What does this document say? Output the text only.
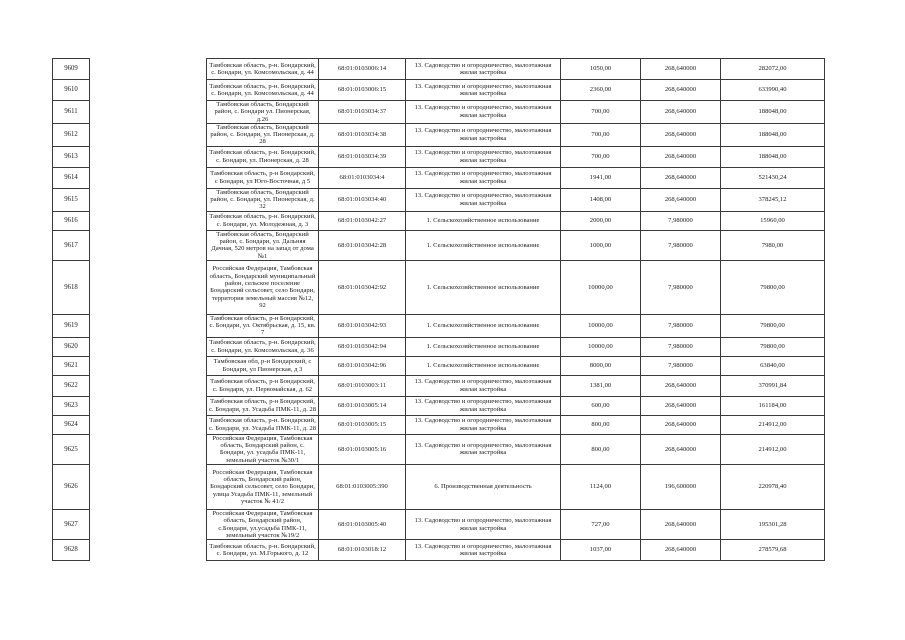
9609		Тамбовская область, р-н. Бондарский, с. Бондари, ул. Комсомольская, д. 44	68:01:0103006:14	13. Садоводство и огородничество, малоэтажная жилая застройка	1050,00	268,640000	282072,00
9610		Тамбовская область, р-н. Бондарский, с. Бондари, ул. Комсомольская, д. 44	68:01:0103006:15	13. Садоводство и огородничество, малоэтажная жилая застройка	2360,00	268,640000	633990,40
9611		Тамбовская область, Бондарский район, с. Бондари ул. Пионерская, д.26	68:01:0103034:37	13. Садоводство и огородничество, малоэтажная жилая застройка	700,00	268,640000	188048,00
9612		Тамбовская область, Бондарский район, с. Бондари, ул. Пионерская, д. 28	68:01:0103034:38	13. Садоводство и огородничество, малоэтажная жилая застройка	700,00	268,640000	188048,00
9613		Тамбовская область, р-н. Бондарский, с. Бондари, ул. Пионерская, д. 28	68:01:0103034:39	13. Садоводство и огородничество, малоэтажная жилая застройка	700,00	268,640000	188048,00
9614		Тамбовская область, р-н Бондарский, с Бондари, ул Юго-Восточная, д 5	68:01:0103034:4	13. Садоводство и огородничество, малоэтажная жилая застройка	1941,00	268,640000	521430,24
9615		Тамбовская область, Бондарский район, с. Бондари, ул. Пионерская, д. 32	68:01:0103034:40	13. Садоводство и огородничество, малоэтажная жилая застройка	1408,00	268,640000	378245,12
9616		Тамбовская область, р-н. Бондарский, с. Бондари, ул. Молодежная, д. 3	68:01:0103042:27	1. Сельскохозяйственное использование	2000,00	7,980000	15960,00
9617		Тамбовская область, Бондарский район, с. Бондари, ул. Дальняя Дачная, 520 метров на запад от дома №1	68:01:0103042:28	1. Сельскохозяйственное использование	1000,00	7,980000	7980,00
9618		Российская Федерация, Тамбовская область, Бондарский муниципальный район, сельское поселение Бондарский сельсовет, село Бондари, территория земельный массив №12, 92	68:01:0103042:92	1. Сельскохозяйственное использование	10000,00	7,980000	79800,00
9619		Тамбовская область, р-н Бондарский, с. Бондари, ул. Октябрьская, д. 15, кв. 7	68:01:0103042:93	1. Сельскохозяйственное использование	10000,00	7,980000	79800,00
9620		Тамбовская область, р-н. Бондарский, с. Бондари, ул. Комсомольская, д. 36	68:01:0103042:94	1. Сельскохозяйственное использование	10000,00	7,980000	79800,00
9621		Тамбовская обл, р-н Бондарский, с Бондари, ул Пионерская, д 3	68:01:0103042:96	1. Сельскохозяйственное использование	8000,00	7,980000	63840,00
9622		Тамбовская область, р-н Бондарский, с. Бондари, ул. Первомайская, д. 62	68:01:0103003:11	13. Садоводство и огородничество, малоэтажная жилая застройка	1381,00	268,640000	370991,84
9623		Тамбовская область, р-н Бондарский, с. Бондари, ул. Усадьба ПМК-11, д. 28	68:01:0103005:14	13. Садоводство и огородничество, малоэтажная жилая застройка	600,00	268,640000	161184,00
9624		Тамбовская область, р-н. Бондарский, с. Бондари, ул. Усадьба ПМК-11, д. 28	68:01:0103005:15	13. Садоводство и огородничество, малоэтажная жилая застройка	800,00	268,640000	214912,00
9625		Российская Федерация, Тамбовская область, Бондарский район, с. Бондари, ул. усадьба ПМК-11, земельный участок №30/1	68:01:0103005:16	13. Садоводство и огородничество, малоэтажная жилая застройка	800,00	268,640000	214912,00
9626		Российская Федерация, Тамбовская область, Бондарский район, Бондарский сельсовет, село Бондари, улица Усадьба ПМК-11, земельный участок № 41/2	68:01:0103005:390	6. Производственная деятельность	1124,00	196,600000	220978,40
9627		Российская Федерация, Тамбовская область, Бондарский район, с.Бондари, ул.усадьба ПМК-11, земельный участок №19/2	68:01:0103005:40	13. Садоводство и огородничество, малоэтажная жилая застройка	727,00	268,640000	195301,28
9628		Тамбовская область, р-н. Бондарский, с. Бондари, ул. М.Горького, д. 12	68:01:0103018:12	13. Садоводство и огородничество, малоэтажная жилая застройка	1037,00	268,640000	278579,68
